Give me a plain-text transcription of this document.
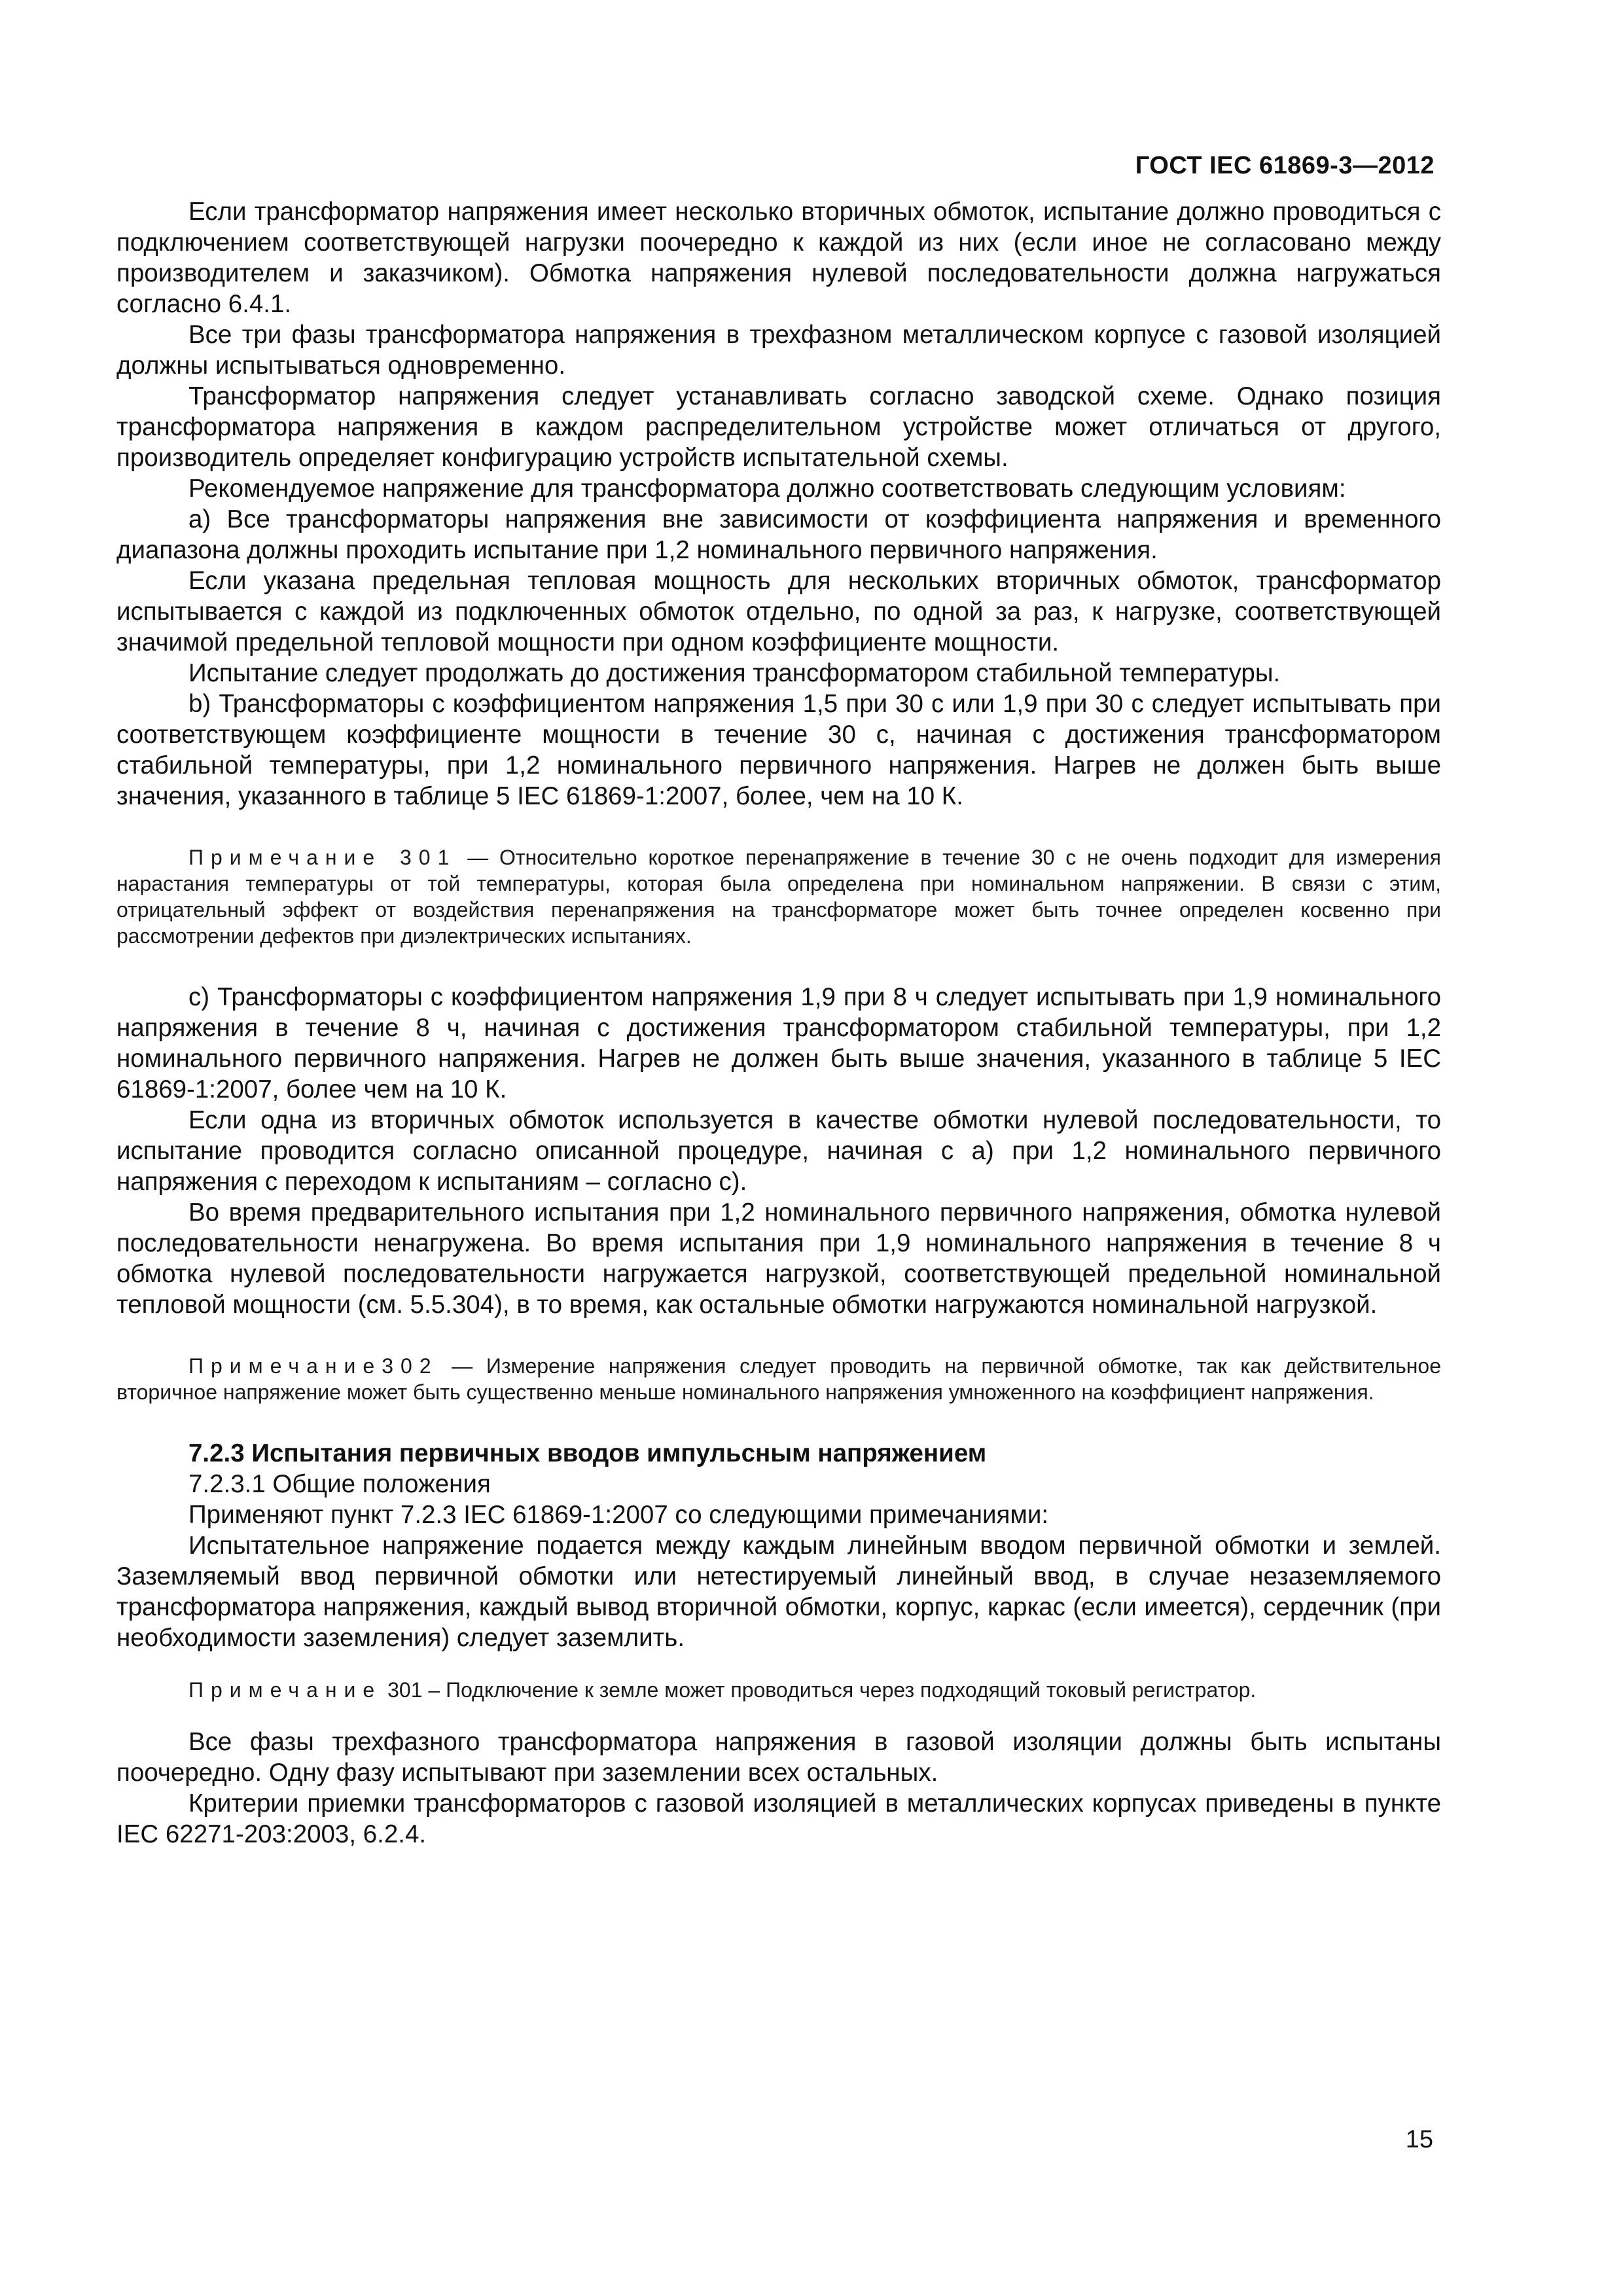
ГОСТ IEC 61869-3—2012

Если трансформатор напряжения имеет несколько вторичных обмоток, испытание должно проводиться с подключением соответствующей нагрузки поочередно к каждой из них (если иное не согласовано между производителем и заказчиком). Обмотка напряжения нулевой последовательности должна нагружаться согласно 6.4.1.

Все три фазы трансформатора напряжения в трехфазном металлическом корпусе с газовой изоляцией должны испытываться одновременно.

Трансформатор напряжения следует устанавливать согласно заводской схеме. Однако позиция трансформатора напряжения в каждом распределительном устройстве может отличаться от другого, производитель определяет конфигурацию устройств испытательной схемы.

Рекомендуемое напряжение для трансформатора должно соответствовать следующим условиям:

а) Все трансформаторы напряжения вне зависимости от коэффициента напряжения и временного диапазона должны проходить испытание при 1,2 номинального первичного напряжения.

Если указана предельная тепловая мощность для нескольких вторичных обмоток, трансформатор испытывается с каждой из подключенных обмоток отдельно, по одной за раз, к нагрузке, соответствующей значимой предельной тепловой мощности при одном коэффициенте мощности.

Испытание следует продолжать до достижения трансформатором стабильной температуры.

b) Трансформаторы с коэффициентом напряжения 1,5 при 30 с или 1,9 при 30 с следует испытывать при соответствующем коэффициенте мощности в течение 30 с, начиная с достижения трансформатором стабильной температуры, при 1,2 номинального первичного напряжения. Нагрев не должен быть выше значения, указанного в таблице 5 IEC 61869-1:2007, более, чем на 10 К.

Примечание 301 — Относительно короткое перенапряжение в течение 30 с не очень подходит для измерения нарастания температуры от той температуры, которая была определена при номинальном напряжении. В связи с этим, отрицательный эффект от воздействия перенапряжения на трансформаторе может быть точнее определен косвенно при рассмотрении дефектов при диэлектрических испытаниях.

с) Трансформаторы с коэффициентом напряжения 1,9 при 8 ч следует испытывать при 1,9 номинального напряжения в течение 8 ч, начиная с достижения трансформатором стабильной температуры, при 1,2 номинального первичного напряжения. Нагрев не должен быть выше значения, указанного в таблице 5 IEC 61869-1:2007, более чем на 10 К.

Если одна из вторичных обмоток используется в качестве обмотки нулевой последовательности, то испытание проводится согласно описанной процедуре, начиная с а) при 1,2 номинального первичного напряжения с переходом к испытаниям – согласно с).

Во время предварительного испытания при 1,2 номинального первичного напряжения, обмотка нулевой последовательности ненагружена. Во время испытания при 1,9 номинального напряжения в течение 8 ч обмотка нулевой последовательности нагружается нагрузкой, соответствующей предельной номинальной тепловой мощности (см. 5.5.304), в то время, как остальные обмотки нагружаются номинальной нагрузкой.

Примечание302 — Измерение напряжения следует проводить на первичной обмотке, так как действительное вторичное напряжение может быть существенно меньше номинального напряжения умноженного на коэффициент напряжения.

7.2.3 Испытания первичных вводов импульсным напряжением

7.2.3.1 Общие положения

Применяют пункт 7.2.3 IEC 61869-1:2007 со следующими примечаниями:

Испытательное напряжение подается между каждым линейным вводом первичной обмотки и землей. Заземляемый ввод первичной обмотки или нетестируемый линейный ввод, в случае незаземляемого трансформатора напряжения, каждый вывод вторичной обмотки, корпус, каркас (если имеется), сердечник (при необходимости заземления) следует заземлить.

Примечание 301 – Подключение к земле может проводиться через подходящий токовый регистратор.

Все фазы трехфазного трансформатора напряжения в газовой изоляции должны быть испытаны поочередно. Одну фазу испытывают при заземлении всех остальных.

Критерии приемки трансформаторов с газовой изоляцией в металлических корпусах приведены в пункте IEC 62271-203:2003, 6.2.4.

15
